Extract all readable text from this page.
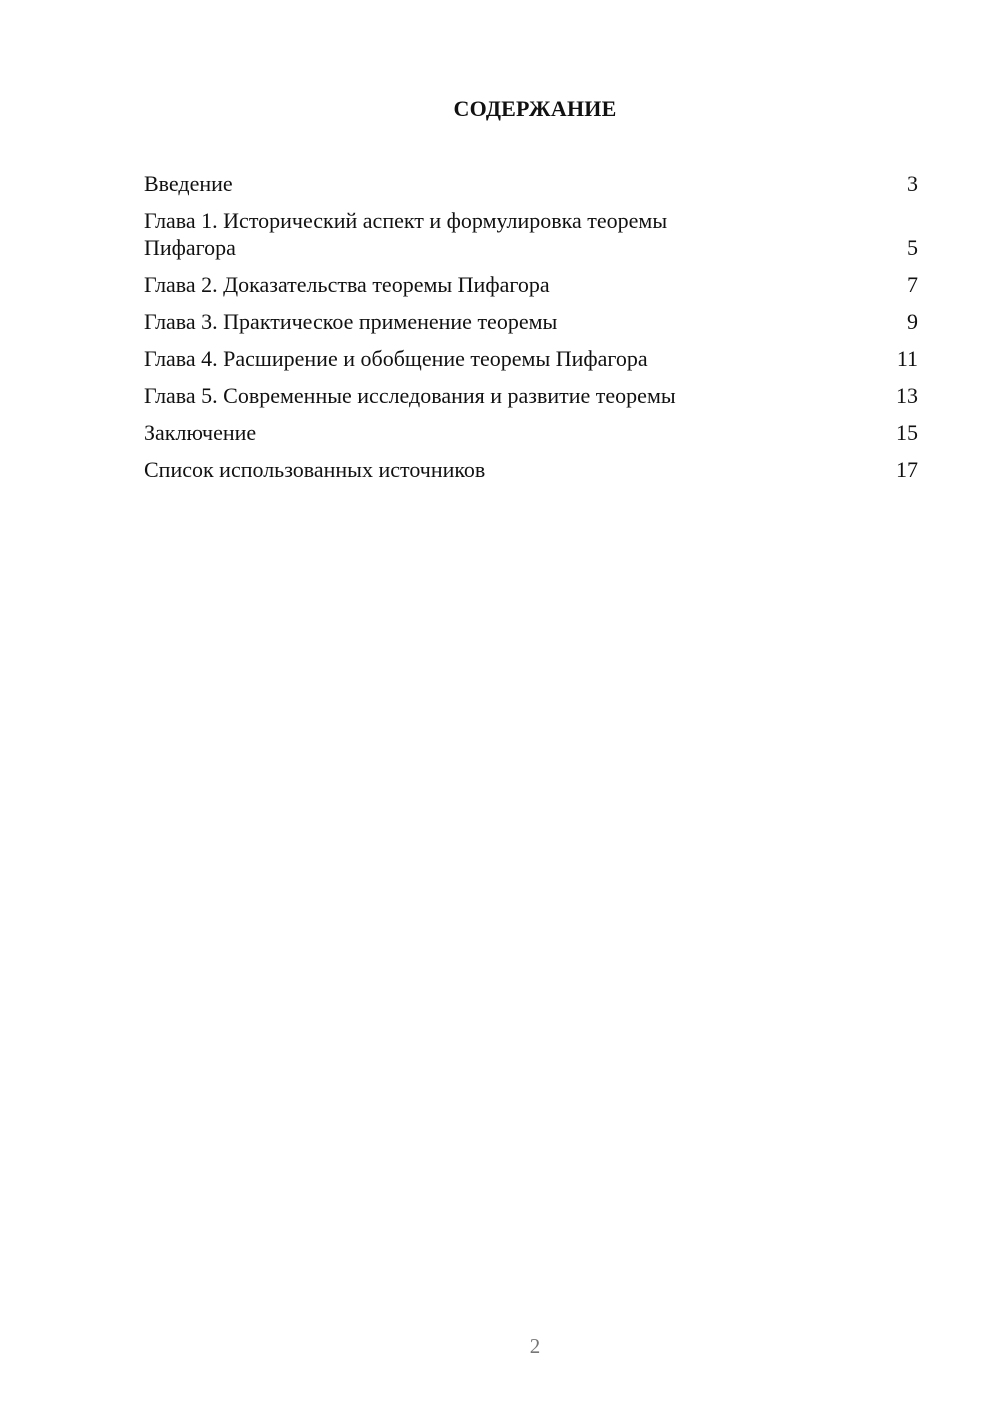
СОДЕРЖАНИЕ
Введение	3
Глава 1. Исторический аспект и формулировка теоремы Пифагора	5
Глава 2. Доказательства теоремы Пифагора	7
Глава 3. Практическое применение теоремы	9
Глава 4. Расширение и обобщение теоремы Пифагора	11
Глава 5. Современные исследования и развитие теоремы	13
Заключение	15
Список использованных источников	17
2
